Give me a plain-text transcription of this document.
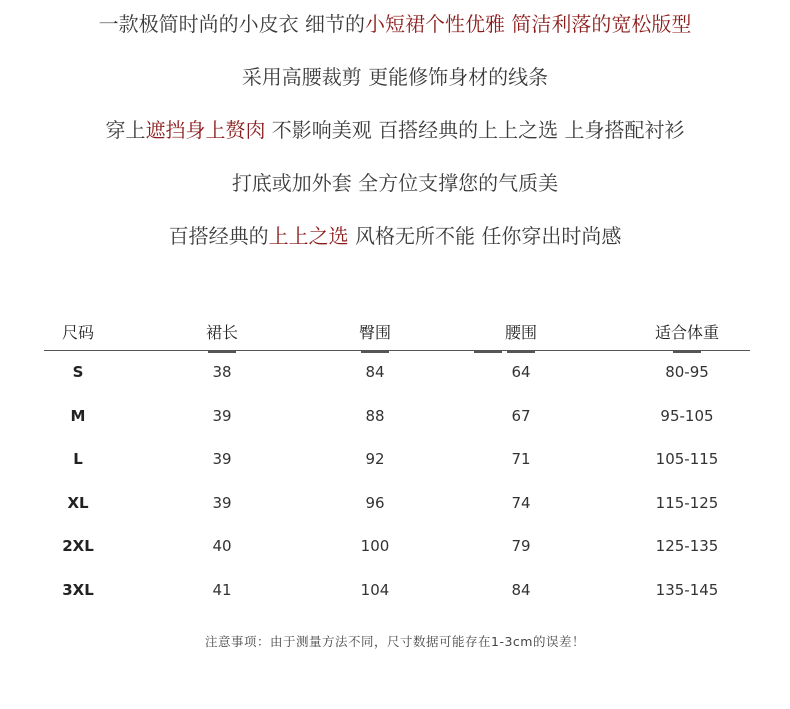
一款极简时尚的小皮衣 细节的小短裙个性优雅 简洁利落的宽松版型
采用高腰裁剪 更能修饰身材的线条
穿上遮挡身上赘肉 不影响美观 百搭经典的上上之选 上身搭配衬衫
打底或加外套 全方位支撑您的气质美
百搭经典的上上之选 风格无所不能 任你穿出时尚感
尺码	裙长	臀围	腰围	适合体重
S	38	84	64	80-95
M	39	88	67	95-105
L	39	92	71	105-115
XL	39	96	74	115-125
2XL	40	100	79	125-135
3XL	41	104	84	135-145
注意事项：由于测量方法不同，尺寸数据可能存在1-3cm的误差！
